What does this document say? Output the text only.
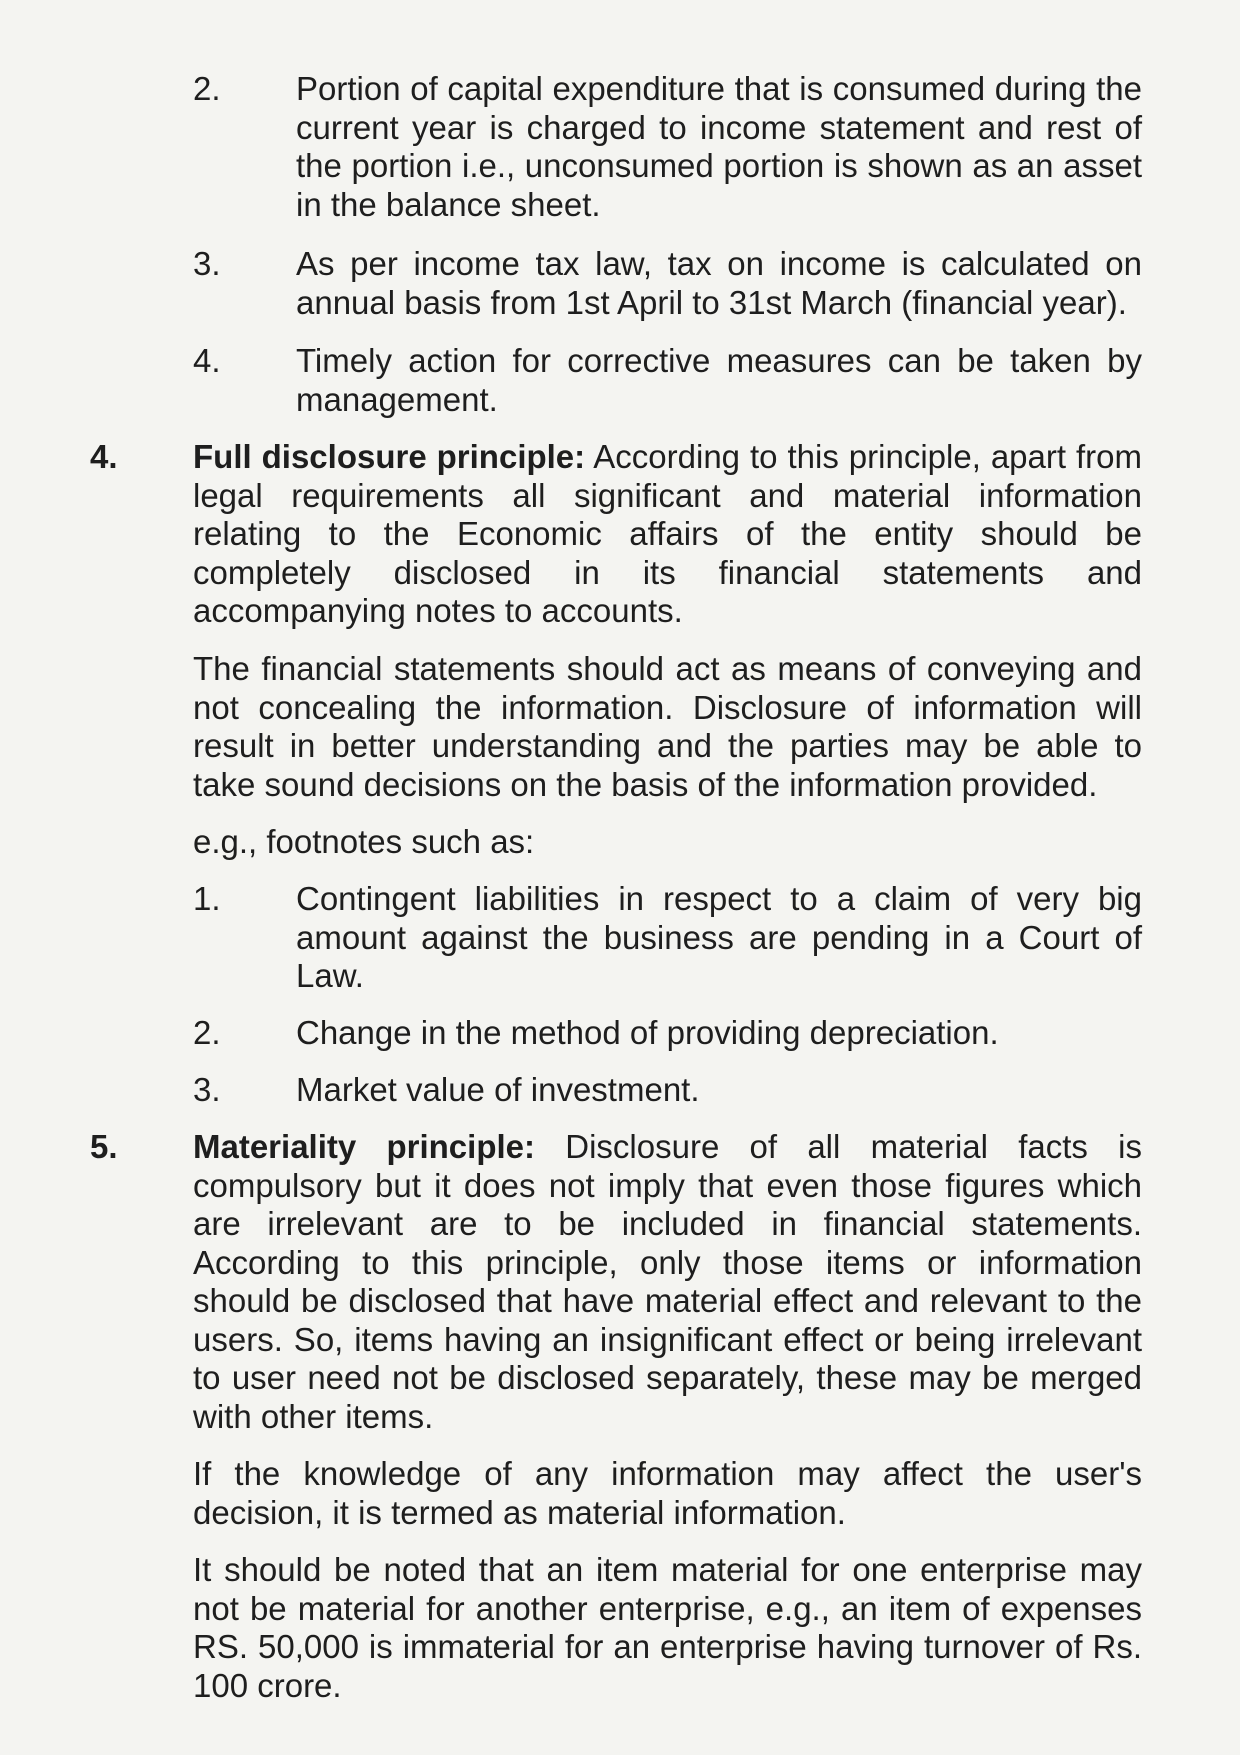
2. Portion of capital expenditure that is consumed during the current year is charged to income statement and rest of the portion i.e., unconsumed portion is shown as an asset in the balance sheet.

3. As per income tax law, tax on income is calculated on annual basis from 1st April to 31st March (financial year).

4. Timely action for corrective measures can be taken by management.

4. Full disclosure principle: According to this principle, apart from legal requirements all significant and material information relating to the Economic affairs of the entity should be completely disclosed in its financial statements and accompanying notes to accounts.

The financial statements should act as means of conveying and not concealing the information. Disclosure of information will result in better understanding and the parties may be able to take sound decisions on the basis of the information provided.

e.g., footnotes such as:

1. Contingent liabilities in respect to a claim of very big amount against the business are pending in a Court of Law.

2. Change in the method of providing depreciation.

3. Market value of investment.

5. Materiality principle: Disclosure of all material facts is compulsory but it does not imply that even those figures which are irrelevant are to be included in financial statements. According to this principle, only those items or information should be disclosed that have material effect and relevant to the users. So, items having an insignificant effect or being irrelevant to user need not be disclosed separately, these may be merged with other items.

If the knowledge of any information may affect the user's decision, it is termed as material information.

It should be noted that an item material for one enterprise may not be material for another enterprise, e.g., an item of expenses RS. 50,000 is immaterial for an enterprise having turnover of Rs. 100 crore.
